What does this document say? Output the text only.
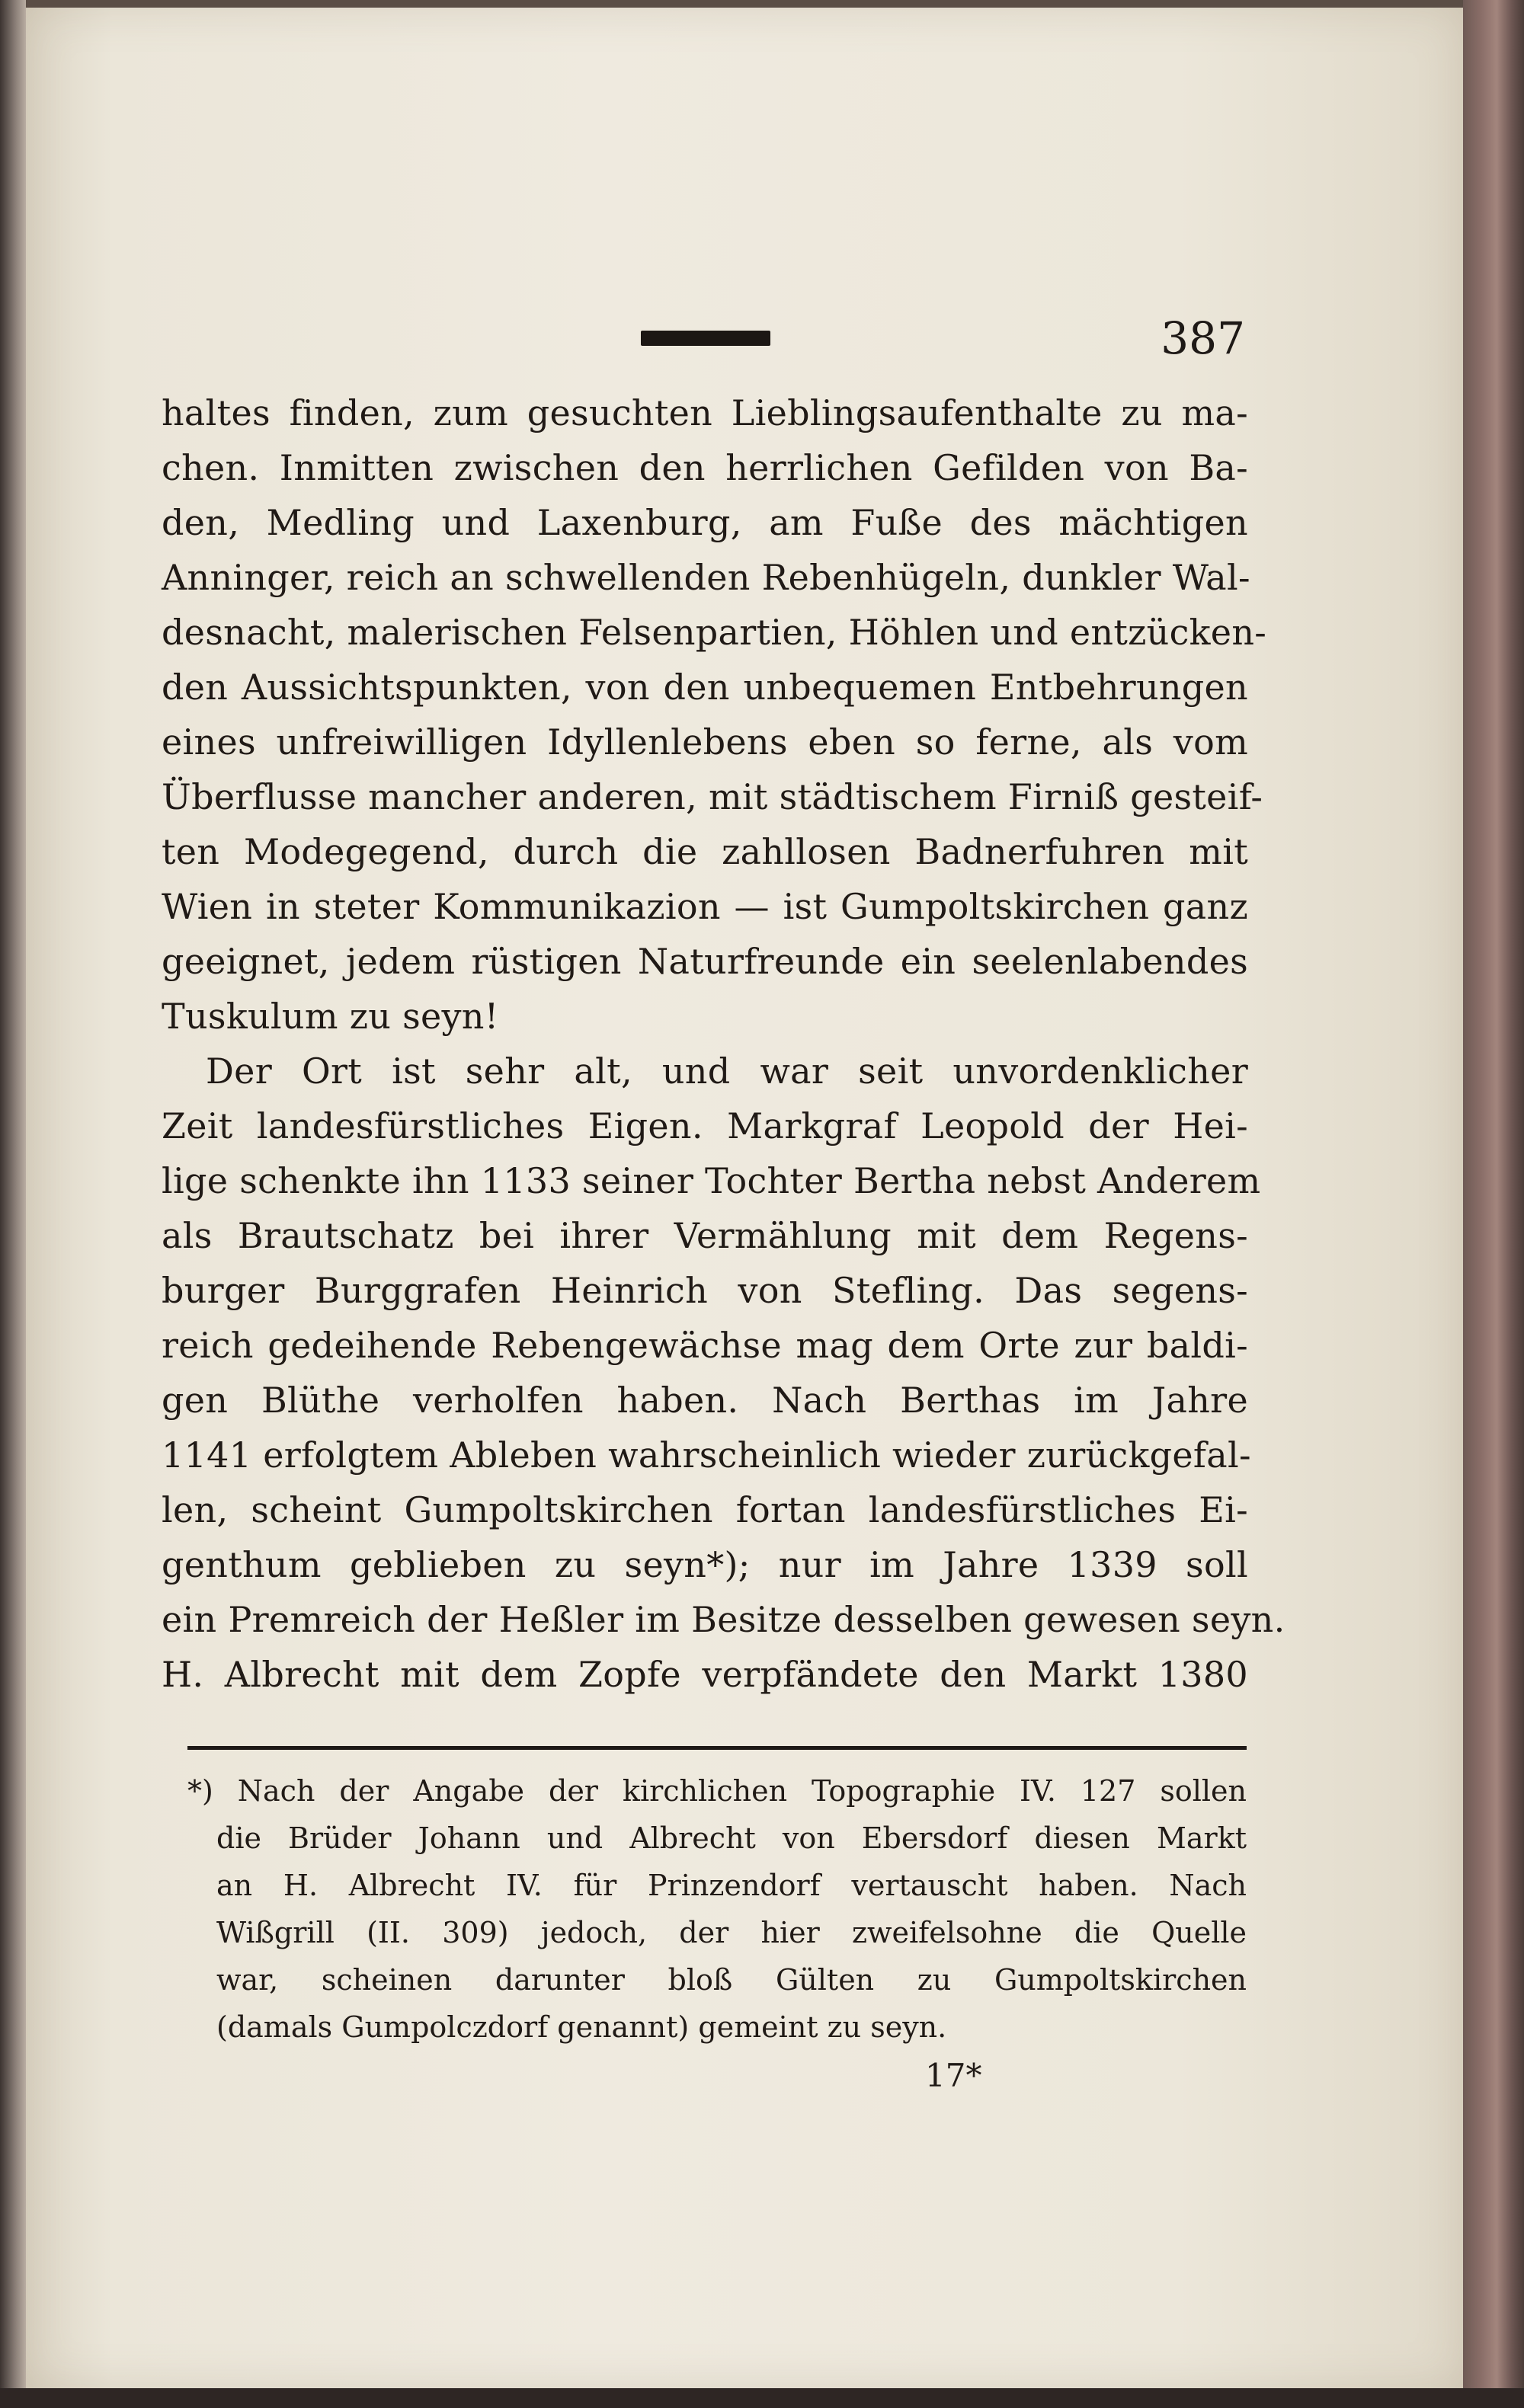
387
haltes finden, zum gesuchten Lieblingsaufenthalte zu ma-
chen. Inmitten zwischen den herrlichen Gefilden von Ba-
den, Medling und Laxenburg, am Fuße des mächtigen
Anninger, reich an schwellenden Rebenhügeln, dunkler Wal-
desnacht, malerischen Felsenpartien, Höhlen und entzücken-
den Aussichtspunkten, von den unbequemen Entbehrungen
eines unfreiwilligen Idyllenlebens eben so ferne, als vom
Überflusse mancher anderen, mit städtischem Firniß gesteif-
ten Modegegend, durch die zahllosen Badnerfuhren mit
Wien in steter Kommunikazion — ist Gumpoltskirchen ganz
geeignet, jedem rüstigen Naturfreunde ein seelenlabendes
Tuskulum zu seyn!
Der Ort ist sehr alt, und war seit unvordenklicher
Zeit landesfürstliches Eigen. Markgraf Leopold der Hei-
lige schenkte ihn 1133 seiner Tochter Bertha nebst Anderem
als Brautschatz bei ihrer Vermählung mit dem Regens-
burger Burggrafen Heinrich von Stefling. Das segens-
reich gedeihende Rebengewächse mag dem Orte zur baldi-
gen Blüthe verholfen haben. Nach Berthas im Jahre
1141 erfolgtem Ableben wahrscheinlich wieder zurückgefal-
len, scheint Gumpoltskirchen fortan landesfürstliches Ei-
genthum geblieben zu seyn*); nur im Jahre 1339 soll
ein Premreich der Heßler im Besitze desselben gewesen seyn.
H. Albrecht mit dem Zopfe verpfändete den Markt 1380
*) Nach der Angabe der kirchlichen Topographie IV. 127 sollen
die Brüder Johann und Albrecht von Ebersdorf diesen Markt
an H. Albrecht IV. für Prinzendorf vertauscht haben. Nach
Wißgrill (II. 309) jedoch, der hier zweifelsohne die Quelle
war, scheinen darunter bloß Gülten zu Gumpoltskirchen
(damals Gumpolczdorf genannt) gemeint zu seyn.
17*
